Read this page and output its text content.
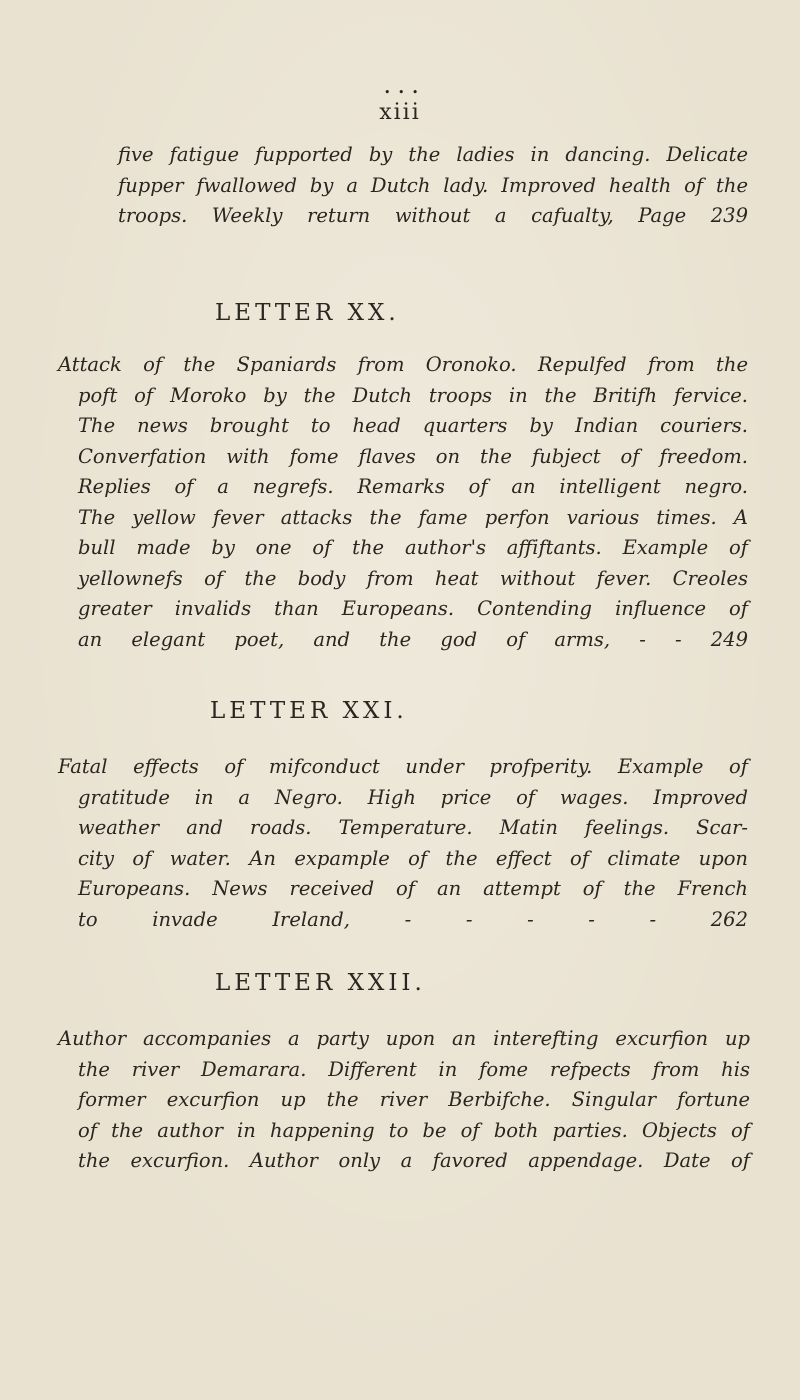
• • •
xiii
five fatigue fupported by the ladies in dancing. Delicate
fupper fwallowed by a Dutch lady. Improved health of the
troops. Weekly return without a cafualty, Page 239
LETTER XX.
Attack of the Spaniards from Oronoko. Repulfed from the
poft of Moroko by the Dutch troops in the Britifh fervice.
The news brought to head quarters by Indian couriers.
Converfation with fome flaves on the fubject of freedom.
Replies of a negrefs. Remarks of an intelligent negro.
The yellow fever attacks the fame perfon various times. A
bull made by one of the author's affiftants. Example of
yellownefs of the body from heat without fever. Creoles
greater invalids than Europeans. Contending influence of
an elegant poet, and the god of arms, - - 249
LETTER XXI.
Fatal effects of mifconduct under profperity. Example of
gratitude in a Negro. High price of wages. Improved
weather and roads. Temperature. Matin feelings. Scar-
city of water. An expample of the effect of climate upon
Europeans. News received of an attempt of the French
to invade Ireland, - - - - - 262
LETTER XXII.
Author accompanies a party upon an interefting excurfion up
the river Demarara. Different in fome refpects from his
former excurfion up the river Berbifche. Singular fortune
of the author in happening to be of both parties. Objects of
the excurfion. Author only a favored appendage. Date of
